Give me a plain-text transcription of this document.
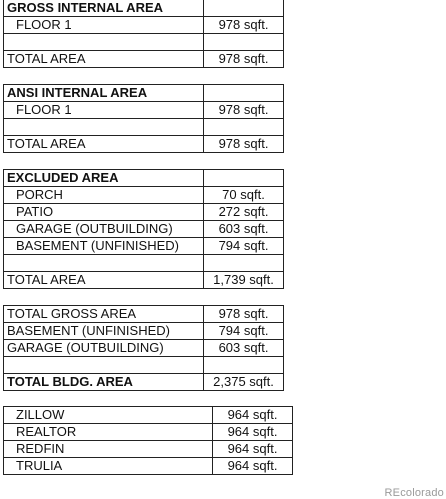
GROSS INTERNAL AREA	
FLOOR 1	978 sqft.

TOTAL AREA	978 sqft.
ANSI INTERNAL AREA	
FLOOR 1	978 sqft.

TOTAL AREA	978 sqft.
EXCLUDED AREA	
PORCH	70 sqft.
PATIO	272 sqft.
GARAGE (OUTBUILDING)	603 sqft.
BASEMENT (UNFINISHED)	794 sqft.

TOTAL AREA	1,739 sqft.
TOTAL GROSS AREA	978 sqft.
BASEMENT (UNFINISHED)	794 sqft.
GARAGE (OUTBUILDING)	603 sqft.

TOTAL BLDG. AREA	2,375 sqft.
ZILLOW	964 sqft.
REALTOR	964 sqft.
REDFIN	964 sqft.
TRULIA	964 sqft.
REcolorado
